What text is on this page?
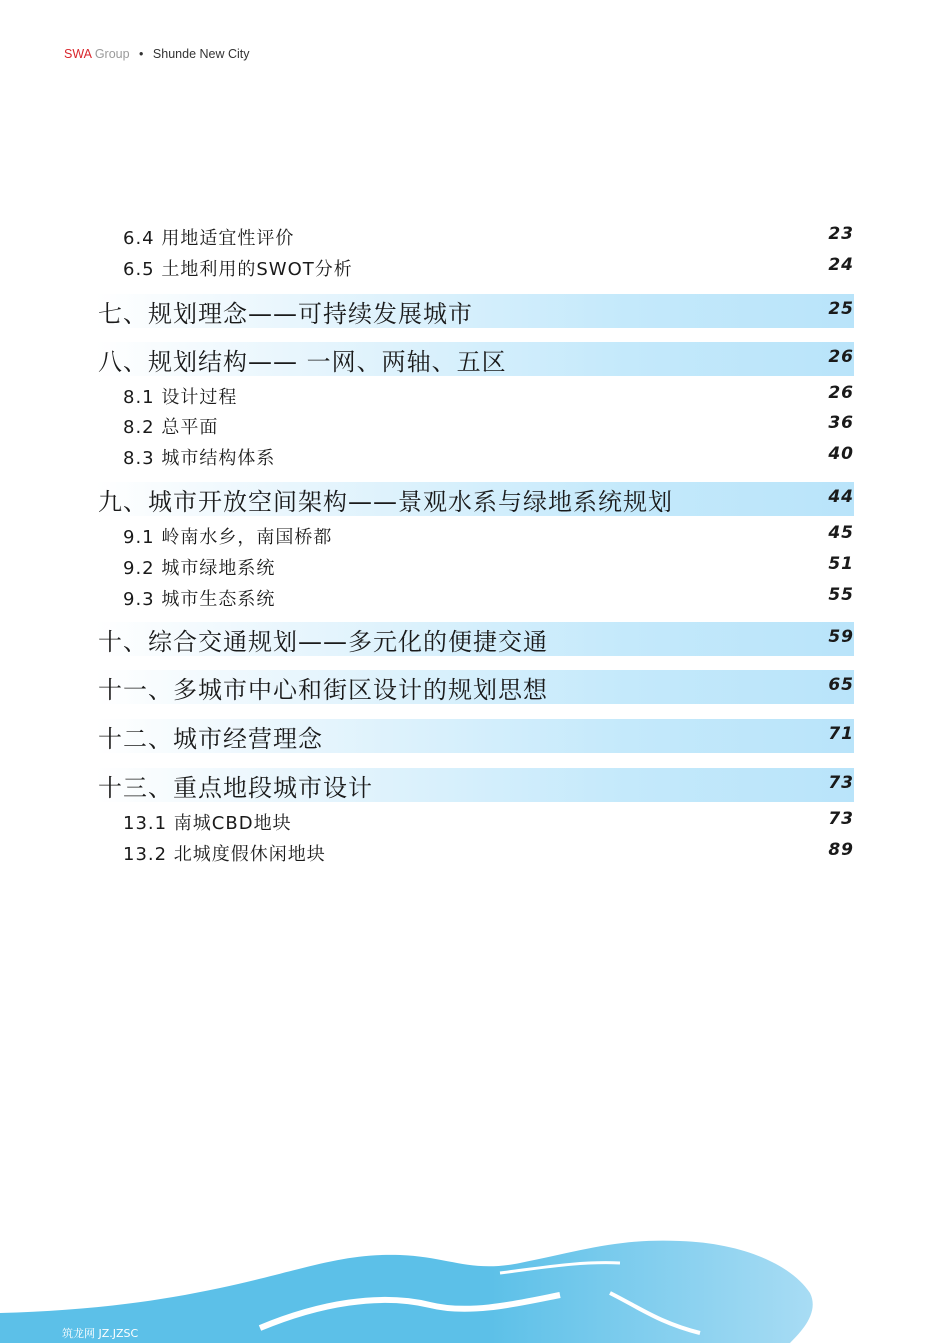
SWA Group • Shunde New City
6.4 用地适宜性评价	23
6.5 土地利用的SWOT分析	24
七、规划理念——可持续发展城市	25
八、规划结构—— 一网、两轴、五区	26
8.1 设计过程	26
8.2 总平面	36
8.3 城市结构体系	40
九、城市开放空间架构——景观水系与绿地系统规划	44
9.1 岭南水乡，南国桥都	45
9.2 城市绿地系统	51
9.3 城市生态系统	55
十、综合交通规划——多元化的便捷交通	59
十一、多城市中心和街区设计的规划思想	65
十二、城市经营理念	71
十三、重点地段城市设计	73
13.1 南城CBD地块	73
13.2 北城度假休闲地块	89
筑龙网 JZ.JZSC
